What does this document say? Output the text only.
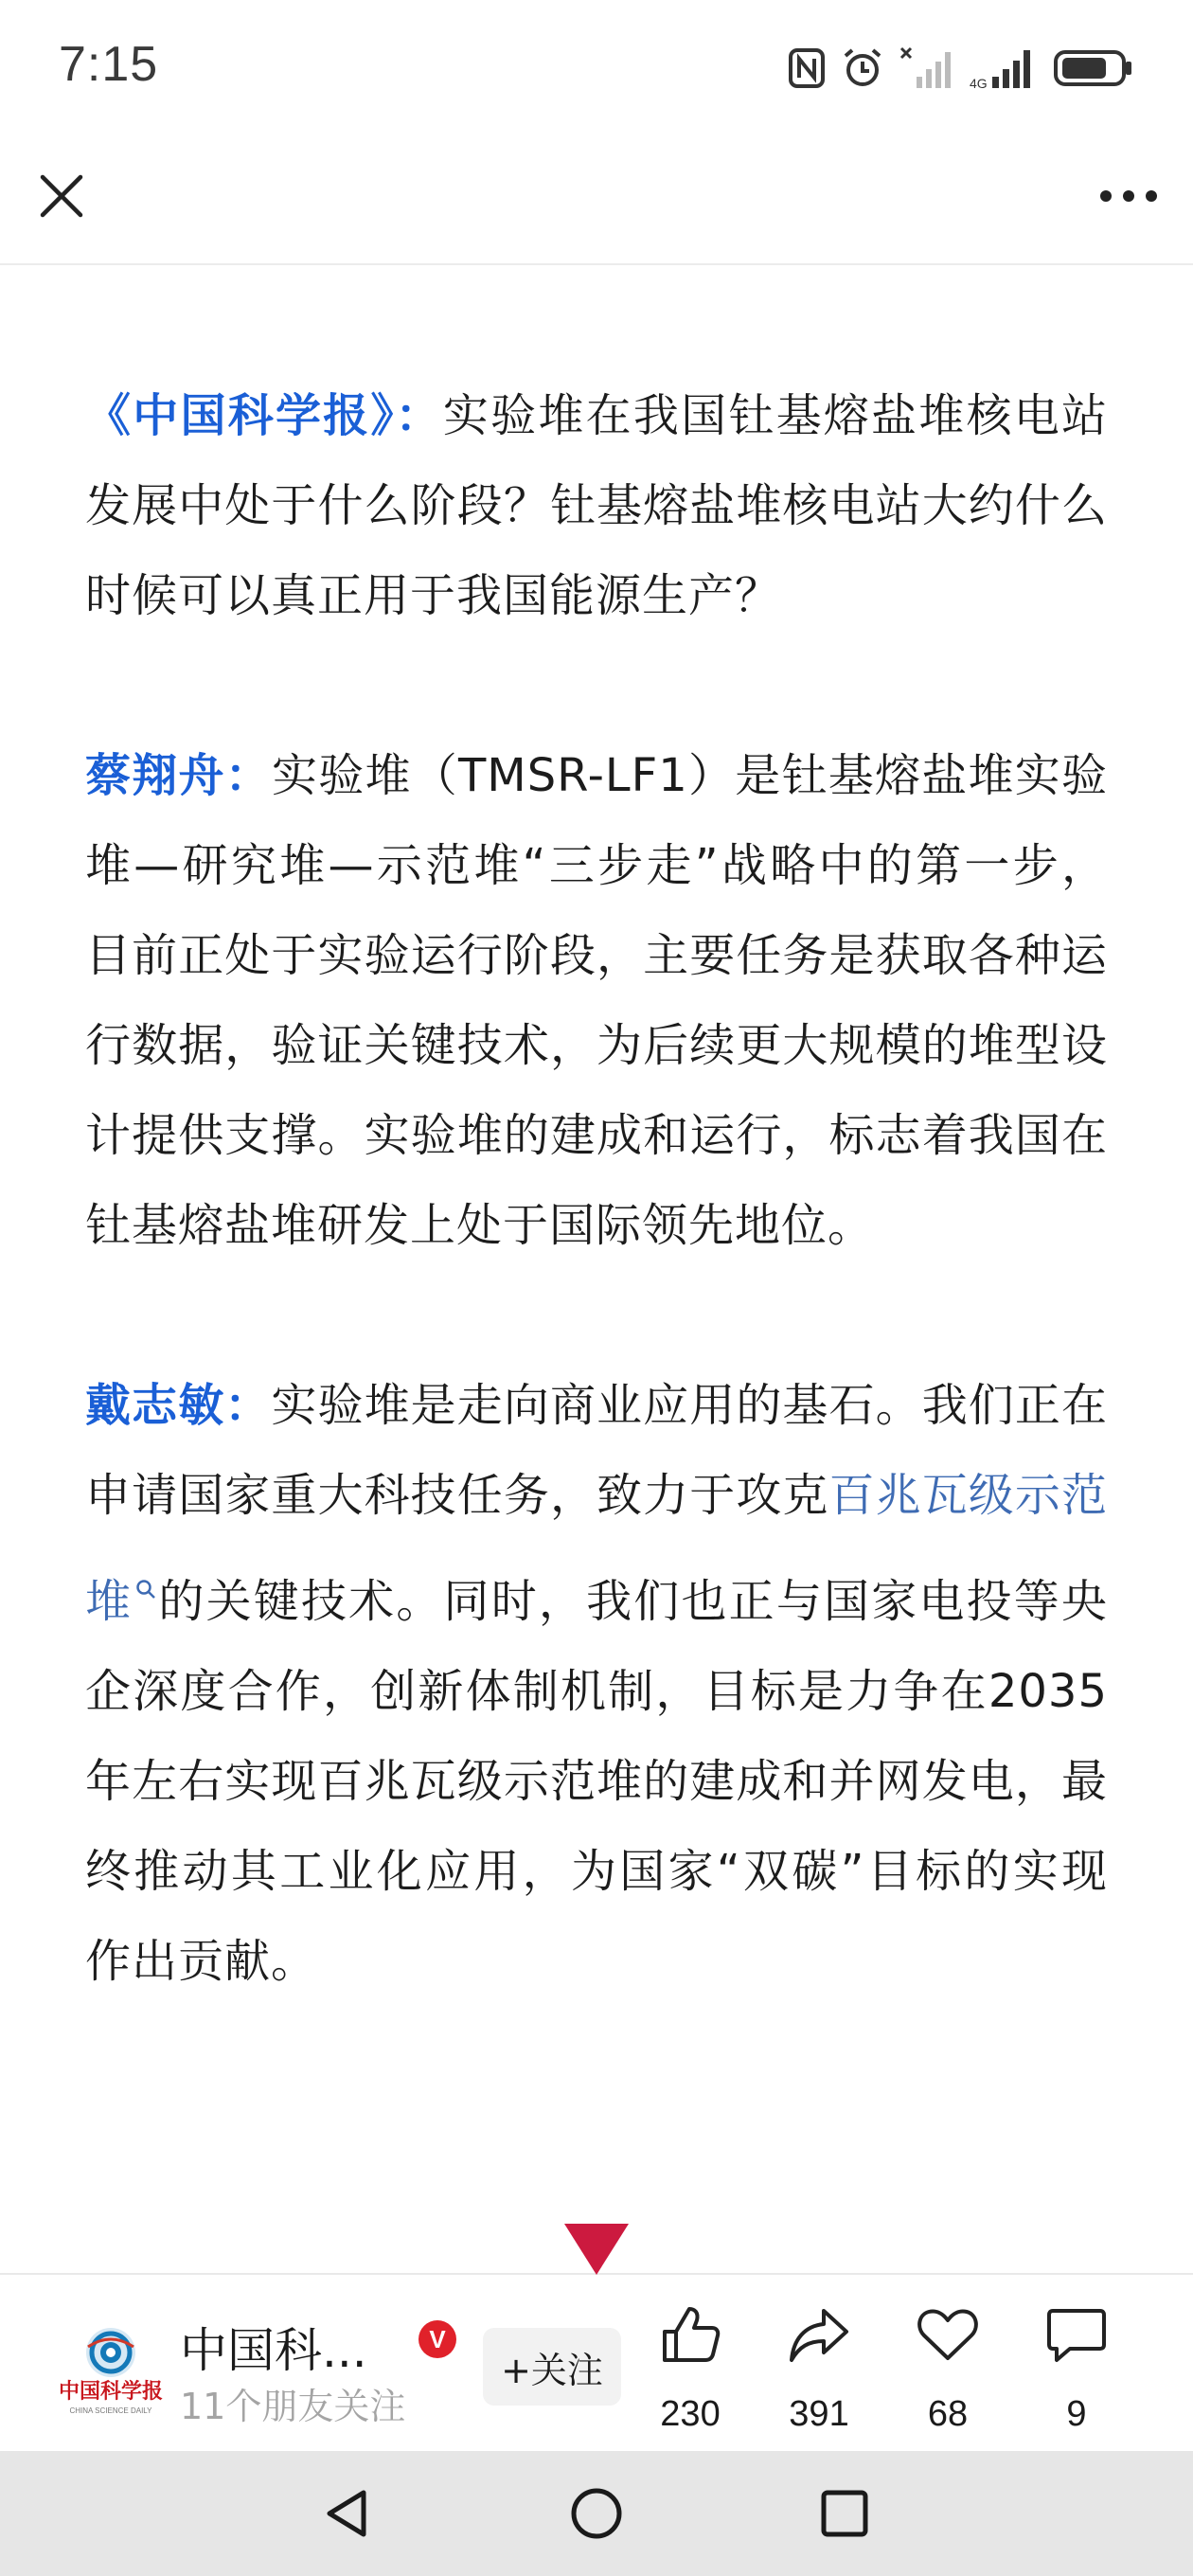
7:15	4G
《中国科学报》：实验堆在我国钍基熔盐堆核电站发展中处于什么阶段？钍基熔盐堆核电站大约什么时候可以真正用于我国能源生产？
蔡翔舟：实验堆（TMSR-LF1）是钍基熔盐堆实验堆—研究堆—示范堆“三步走”战略中的第一步，目前正处于实验运行阶段，主要任务是获取各种运行数据，验证关键技术，为后续更大规模的堆型设计提供支撑。实验堆的建成和运行，标志着我国在钍基熔盐堆研发上处于国际领先地位。
戴志敏：实验堆是走向商业应用的基石。我们正在申请国家重大科技任务，致力于攻克百兆瓦级示范堆 的关键技术。同时，我们也正与国家电投等央企深度合作，创新体制机制，目标是力争在2035年左右实现百兆瓦级示范堆的建成和并网发电，最终推动其工业化应用，为国家“双碳”目标的实现作出贡献。
中国科学报
CHINA SCIENCE DAILY
中国科...	V
11个朋友关注
+关注
230	391	68	9
